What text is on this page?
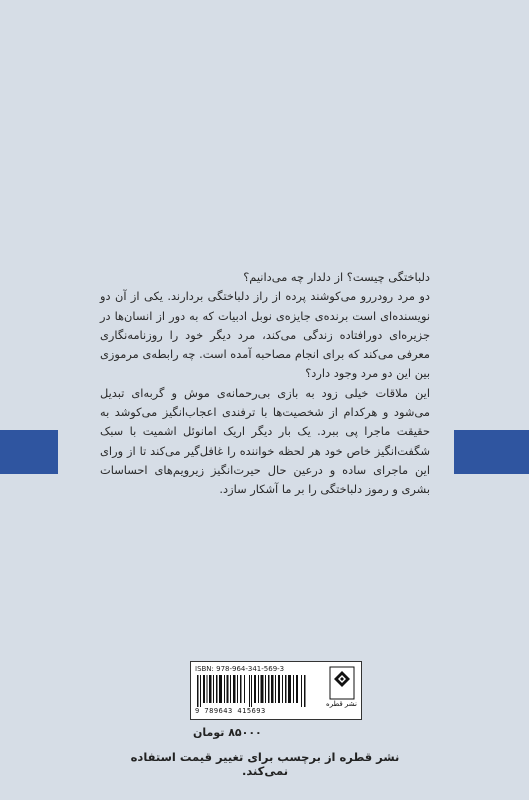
دلباختگی چیست؟ از دلدار چه می‌دانیم؟

دو مرد رودررو می‌کوشند پرده از راز دلباختگی بردارند. یکی از آن دو نویسنده‌ای است برنده‌ی جایزه‌ی نوبل ادبیات که به دور از انسان‌ها در جزیره‌ای دورافتاده زندگی می‌کند، مرد دیگر خود را روزنامه‌نگاری معرفی می‌کند که برای انجام مصاحبه آمده است. چه رابطه‌ی مرموزی بین این دو مرد وجود دارد؟

این ملاقات خیلی زود به بازی بی‌رحمانه‌ی موش و گربه‌ای تبدیل می‌شود و هرکدام از شخصیت‌ها با ترفندی اعجاب‌انگیز می‌کوشد به حقیقت ماجرا پی ببرد. یک بار دیگر اریک امانوئل اشمیت با سبک شگفت‌انگیز خاص خود هر لحظه خواننده را غافل‌گیر می‌کند تا از ورای این ماجرای ساده و درعین حال حیرت‌انگیز زیرویم‌های احساسات بشری و رموز دلباختگی را بر ما آشکار سازد.

ISBN: 978-964-341-569-3
9 789643 415693
نشر قطره
۸۵۰۰۰ تومان
نشر قطره از برچسب برای تغییر قیمت استفاده نمی‌کند.
